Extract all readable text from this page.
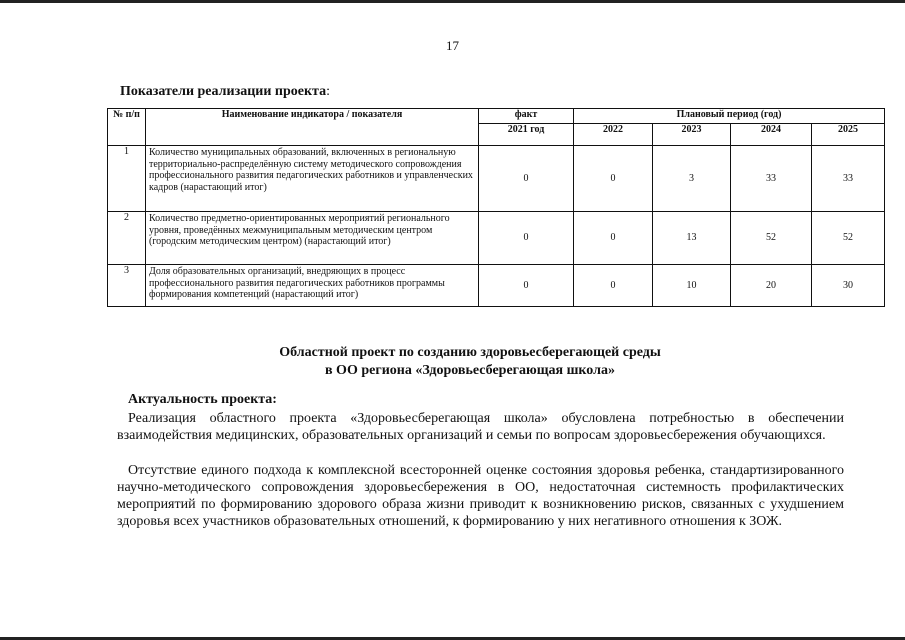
17
Показатели реализации проекта:
№ п/п	Наименование индикатора / показателя	факт	Плановый период (год)			
		2021 год	2022	2023	2024	2025
1	Количество муниципальных образований, включенных в региональную территориально-распределённую систему методического сопровождения профессионального развития педагогических работников и управленческих кадров (нарастающий итог)	0	0	3	33	33
2	Количество предметно-ориентированных мероприятий регионального уровня, проведённых межмуниципальным методическим центром (городским методическим центром) (нарастающий итог)	0	0	13	52	52
3	Доля образовательных организаций, внедряющих в процесс профессионального развития педагогических работников программы формирования компетенций (нарастающий итог)	0	0	10	20	30
Областной проект по созданию здоровьесберегающей среды
в ОО региона «Здоровьесберегающая школа»
Актуальность проекта:
Реализация областного проекта «Здоровьесберегающая школа» обусловлена потребностью в обеспечении взаимодействия медицинских, образовательных организаций и семьи по вопросам здоровьесбережения обучающихся.
Отсутствие единого подхода к комплексной всесторонней оценке состояния здоровья ребенка, стандартизированного научно-методического сопровождения здоровьесбережения в ОО, недостаточная системность профилактических мероприятий по формированию здорового образа жизни приводит к возникновению рисков, связанных с ухудшением здоровья всех участников образовательных отношений, к формированию у них негативного отношения к ЗОЖ.
